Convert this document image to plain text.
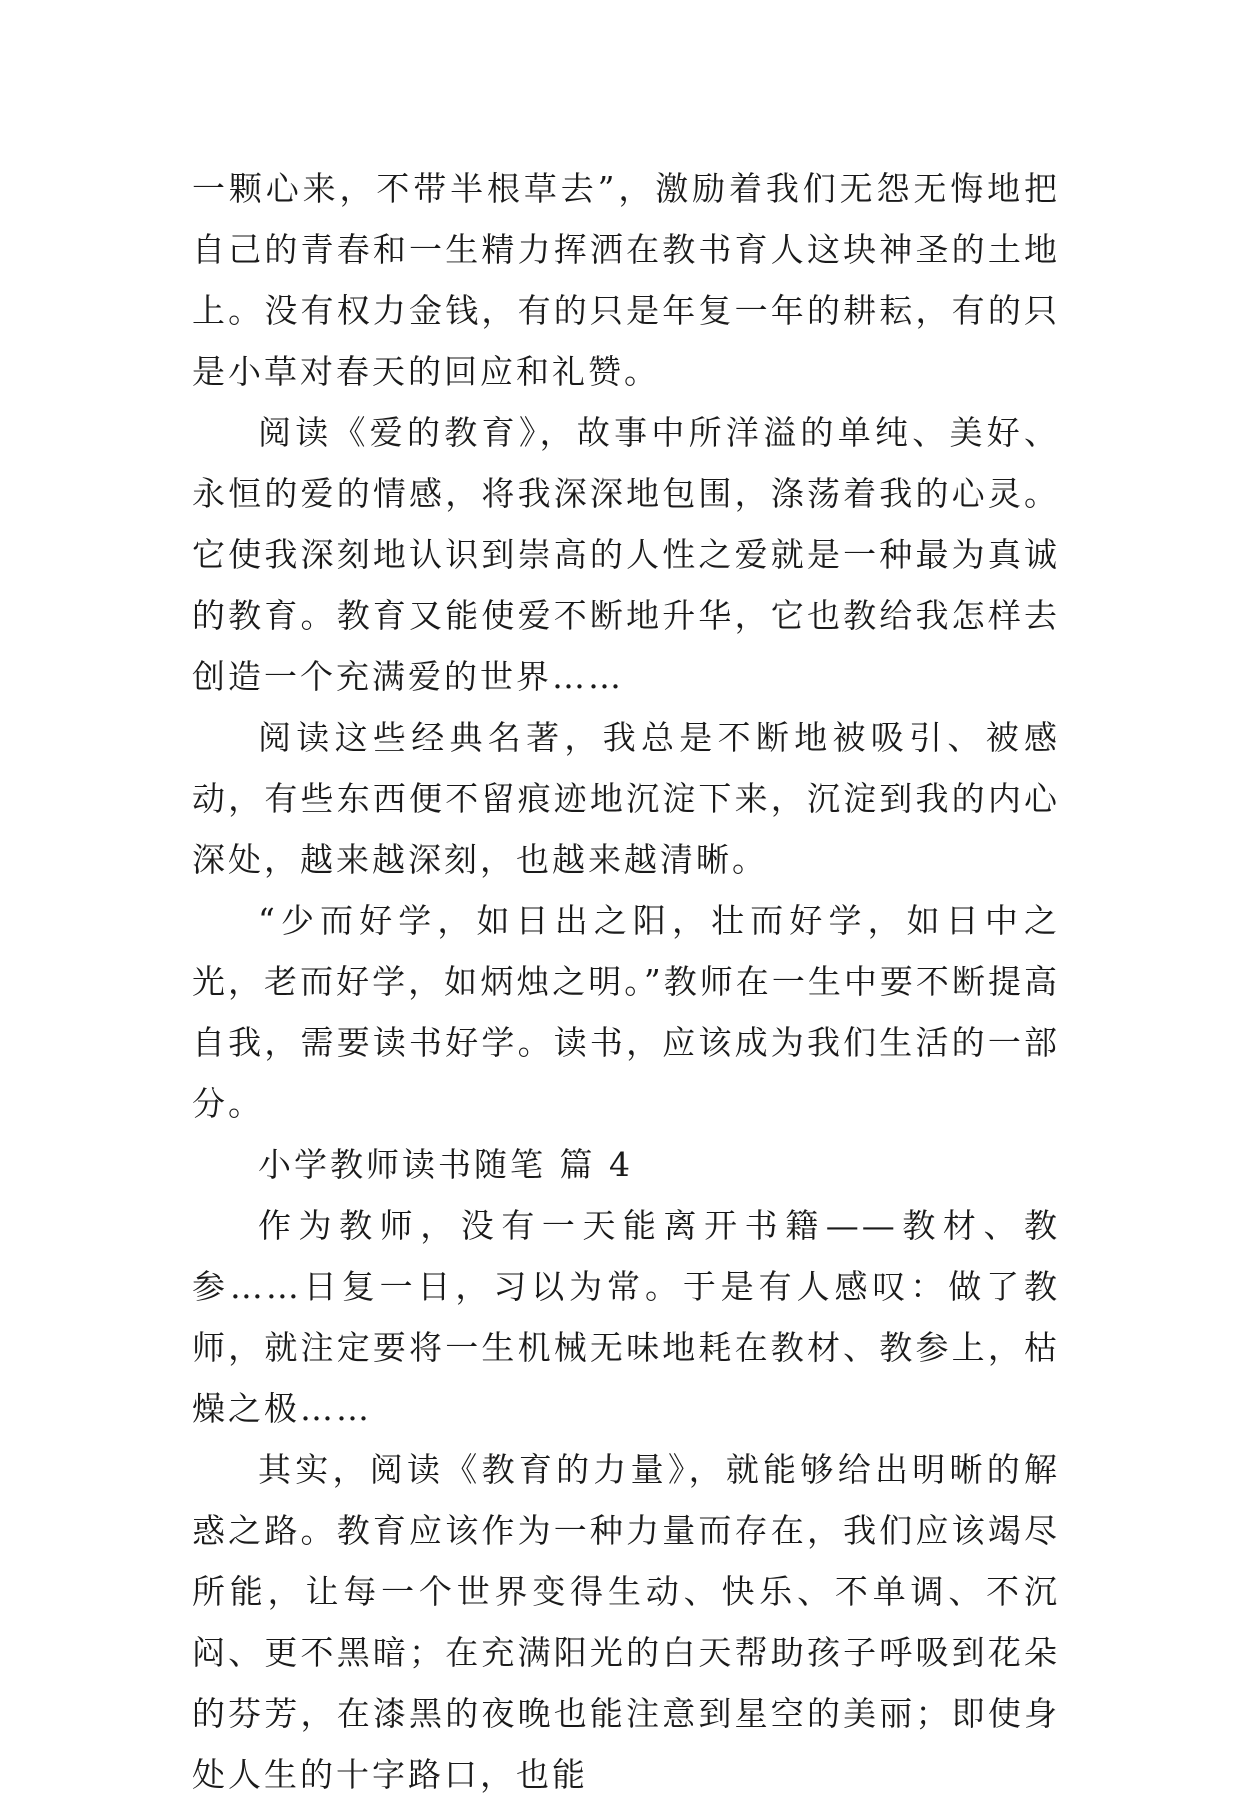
一颗心来，不带半根草去”，激励着我们无怨无悔地把自己的青春和一生精力挥洒在教书育人这块神圣的土地上。没有权力金钱，有的只是年复一年的耕耘，有的只是小草对春天的回应和礼赞。

阅读《爱的教育》，故事中所洋溢的单纯、美好、永恒的爱的情感，将我深深地包围，涤荡着我的心灵。它使我深刻地认识到崇高的人性之爱就是一种最为真诚的教育。教育又能使爱不断地升华，它也教给我怎样去创造一个充满爱的世界……

阅读这些经典名著，我总是不断地被吸引、被感动，有些东西便不留痕迹地沉淀下来，沉淀到我的内心深处，越来越深刻，也越来越清晰。

“少而好学，如日出之阳，壮而好学，如日中之光，老而好学，如炳烛之明。”教师在一生中要不断提高自我，需要读书好学。读书，应该成为我们生活的一部分。

小学教师读书随笔 篇 4

作为教师，没有一天能离开书籍——教材、教参……日复一日，习以为常。于是有人感叹：做了教师，就注定要将一生机械无味地耗在教材、教参上，枯燥之极……

其实，阅读《教育的力量》，就能够给出明晰的解惑之路。教育应该作为一种力量而存在，我们应该竭尽所能，让每一个世界变得生动、快乐、不单调、不沉闷、更不黑暗；在充满阳光的白天帮助孩子呼吸到花朵的芬芳，在漆黑的夜晚也能注意到星空的美丽；即使身处人生的十字路口，也能
